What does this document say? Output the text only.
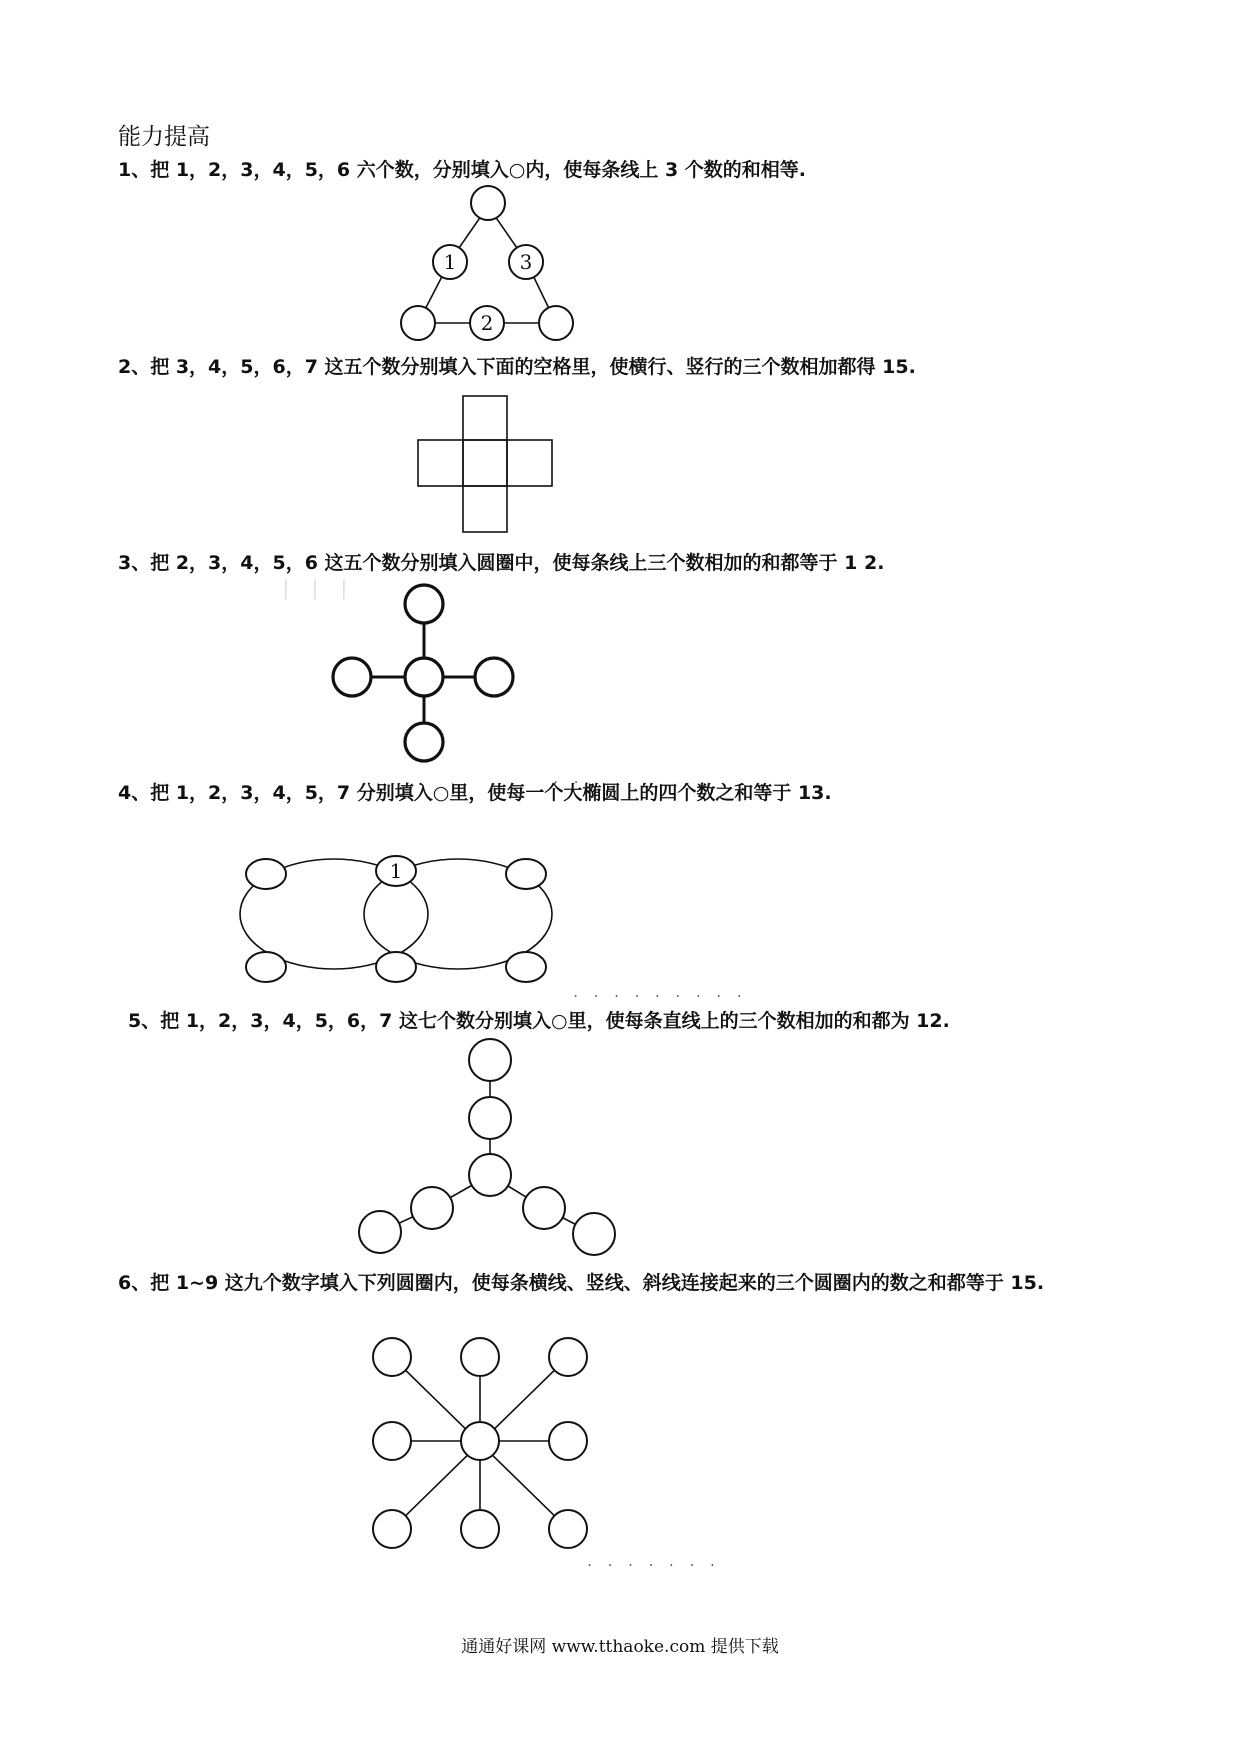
能力提高
1、把 1，2，3，4，5，6 六个数，分别填入○内，使每条线上 3 个数的和相等.
2、把 3，4，5，6，7 这五个数分别填入下面的空格里，使横行、竖行的三个数相加都得 15.
3、把 2，3，4，5，6 这五个数分别填入圆圈中，使每条线上三个数相加的和都等于 1 2.
4、把 1，2，3，4，5，7 分别填入○里，使每一个大椭圆上的四个数之和等于 13.
5、把 1，2，3，4，5，6，7 这七个数分别填入○里，使每条直线上的三个数相加的和都为 12.
6、把 1~9 这九个数字填入下列圆圈内，使每条横线、竖线、斜线连接起来的三个圆圈内的数之和都等于 15.
1	3
2
丨 丨 丨
1
. .
. . . . . . . . .
. . . . . . .
通通好课网 www.tthaoke.com 提供下载
